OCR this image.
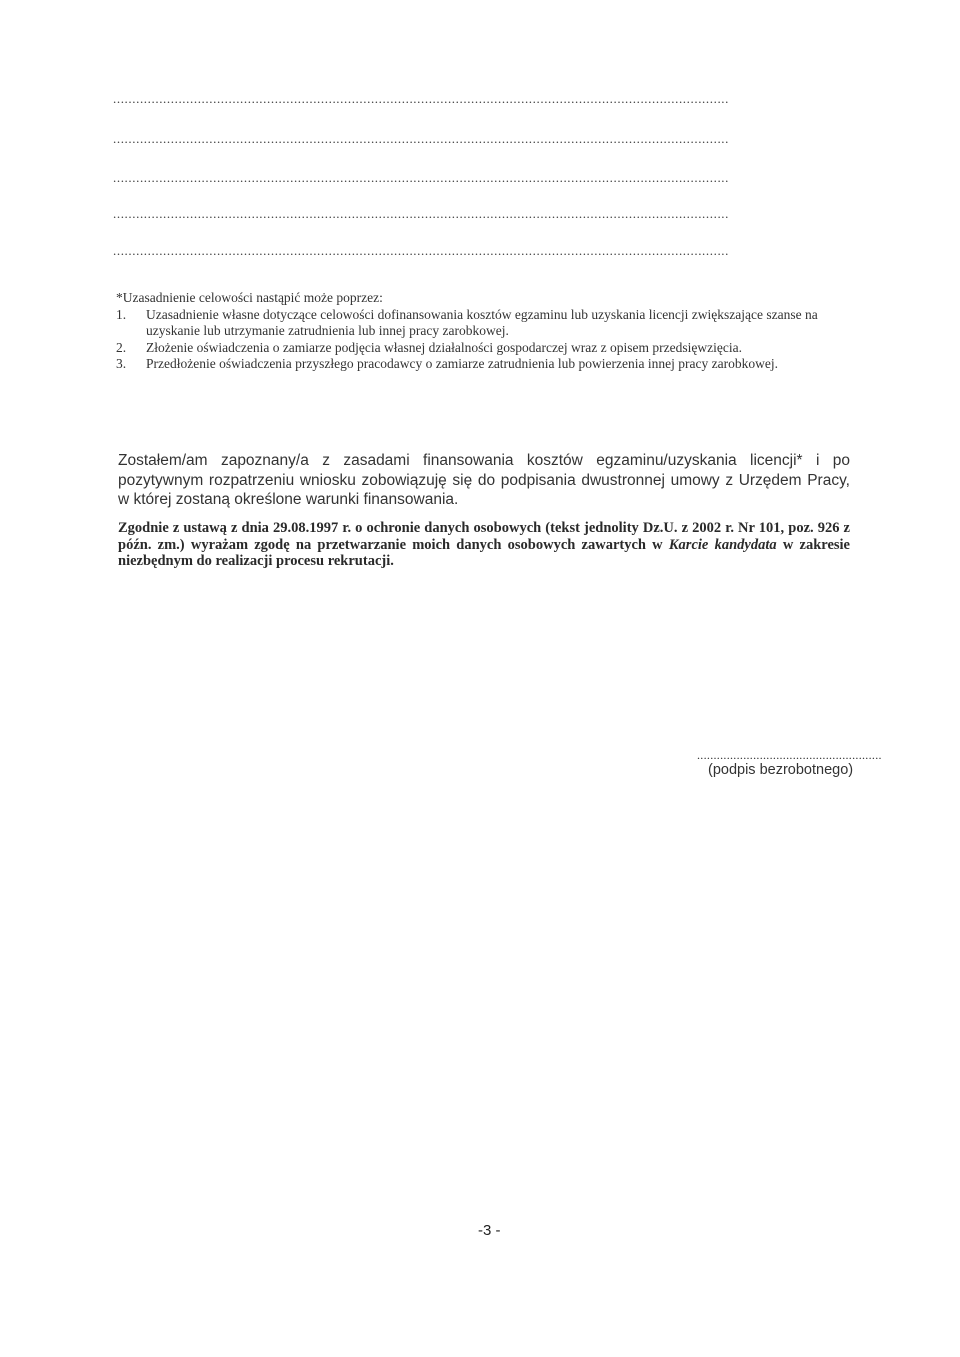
................................................................................................................................................................
................................................................................................................................................................
................................................................................................................................................................
................................................................................................................................................................
................................................................................................................................................................
*Uzasadnienie celowości nastąpić może poprzez:
1.	Uzasadnienie własne dotyczące celowości dofinansowania kosztów egzaminu lub uzyskania licencji zwiększające szanse na uzyskanie lub utrzymanie zatrudnienia lub innej pracy zarobkowej.
2.	Złożenie oświadczenia o zamiarze podjęcia własnej działalności gospodarczej wraz z opisem przedsięwzięcia.
3.	Przedłożenie oświadczenia przyszłego pracodawcy o zamiarze zatrudnienia lub powierzenia innej pracy zarobkowej.
Zostałem/am zapoznany/a z zasadami finansowania kosztów egzaminu/uzyskania licencji* i po pozytywnym rozpatrzeniu wniosku zobowiązuję się do podpisania dwustronnej umowy z Urzędem Pracy, w której zostaną określone warunki finansowania.
Zgodnie z ustawą z dnia 29.08.1997 r. o ochronie danych osobowych (tekst jednolity Dz.U. z 2002 r. Nr 101, poz. 926 z późn. zm.) wyrażam zgodę na przetwarzanie moich danych osobowych zawartych w Karcie kandydata w zakresie niezbędnym do realizacji procesu rekrutacji.
........................................................
(podpis bezrobotnego)
-3 -
